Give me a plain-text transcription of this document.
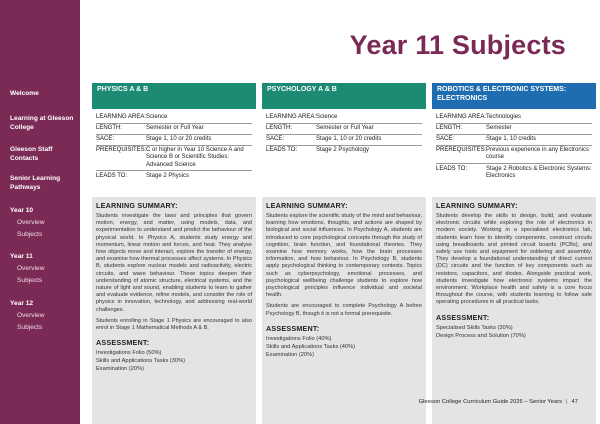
Welcome
Learning at Gleeson College
Gleeson Staff Contacts
Senior Learning Pathways
Year 10
Overview
Subjects
Year 11
Overview
Subjects
Year 12
Overview
Subjects
Year 11 Subjects
PHYSICS A & B
LEARNING AREA: Science
LENGTH:	Semester or Full Year
SACE:	Stage 1, 10 or 20 credits
PREREQUISITES: C or higher in Year 10 Science A and Science B or Scientific Studies: Advanced Science
LEADS TO:	Stage 2 Physics
LEARNING SUMMARY:

Students investigate the laws and principles that govern motion, energy, and matter, using models, data, and experimentation to understand and predict the behaviour of the physical world. In Physics A, students study energy and momentum, linear motion and forces, and heat. They analyse how objects move and interact, explore the transfer of energy, and examine how thermal processes affect systems. In Physics B, students explore nuclear models and radioactivity, electric circuits, and wave behaviour. These topics deepen their understanding of atomic structure, electrical systems, and the nature of light and sound, enabling students to learn to gather and evaluate evidence, refine models, and consider the role of physics in innovation, technology, and addressing real-world challenges.

Students enrolling in Stage 1 Physics are encouraged to also enrol in Stage 1 Mathematical Methods A & B.

ASSESSMENT:
Investigations Folio (50%)
Skills and Applications Tasks (30%)
Examination (20%)
PSYCHOLOGY A & B
LEARNING AREA: Science
LENGTH:	Semester or Full Year
SACE:	Stage 1, 10 or 20 credits
LEADS TO:	Stage 2 Psychology
LEARNING SUMMARY:

Students explore the scientific study of the mind and behaviour, learning how emotions, thoughts, and actions are shaped by biological and social influences. In Psychology A, students are introduced to core psychological concepts through the study of cognition, brain function, and foundational theories. They examine how memory works, how the brain processes information, and how behaviour. In Psychology B, students apply psychological thinking to contemporary contexts. Topics such as cyberpsychology, emotional processes, and psychological wellbeing challenge students to explore how psychological principles influence individual and societal health.

Students are encouraged to complete Psychology A before Psychology B, though it is not a formal prerequisite.

ASSESSMENT:
Investigations Folio (40%)
Skills and Applications Tasks (40%)
Examination (20%)
ROBOTICS & ELECTRONIC SYSTEMS: ELECTRONICS
LEARNING AREA: Technologies
LENGTH:	Semester
SACE:	Stage 1, 10 credits
PREREQUISITES: Previous experience in any Electronics course
LEADS TO:	Stage 2 Robotics & Electronic Systems: Electronics
LEARNING SUMMARY:

Students develop the skills to design, build, and evaluate electronic circuits while exploring the role of electronics in modern society. Working in a specialised electronics lab, students learn how to identify components, construct circuits using breadboards and printed circuit boards (PCBs), and safely use tools and equipment for soldering and assembly. They develop a foundational understanding of direct current (DC) circuits and the function of key components such as resistors, capacitors, and diodes. Alongside practical work, students investigate how electronic systems impact the environment. Workplace health and safety is a core focus throughout the course, with students learning to follow safe operating procedures in all practical tasks.

ASSESSMENT:
Specialised Skills Tasks (30%)
Design Process and Solution (70%)
Gleeson College Curriculum Guide 2026 – Senior Years | 47
